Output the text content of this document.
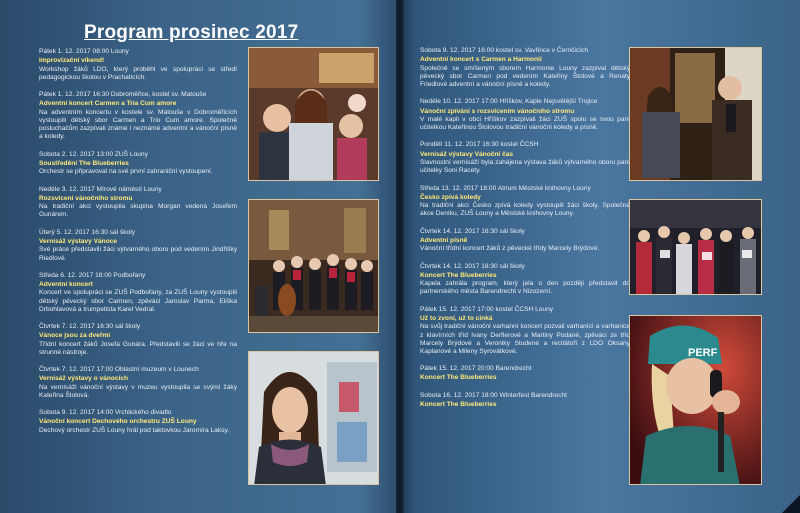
Program prosinec 2017
Pátek 1. 12. 2017 08:00 Louny
Improvizační víkend!
Workshop žáků LDO, který proběhl ve spolupráci se středí pedagogickou školou v Prachaticích.
Pátek 1. 12. 2017 16:30 Dobroměřice, kostel sv. Matouše
Adventní koncert Carmen a Tria Cum amore
Na adventním koncertu v kostele sv. Matouše v Dobroměřicích vystoupili dětský sbor Carmen a Trio Cum amore. Společně posluchačům zazpívali známé i neznámé adventní a vánoční písně a koledy.
Sobota 2. 12. 2017 13:00 ZUŠ Louny
Soustředění The Blueberries
Orchestr se připravoval na své první zahraniční vystoupení.
Neděle 3. 12. 2017 Mírové náměstí Louny
Rozsvícení vánočního stromu
Na tradiční akci vystoupila skupina Morgan vedená Josefem Gunárem.
Úterý 5. 12. 2017 16:30 sál školy
Vernisáž výstavy Vánoce
Své práce představili žáci výtvarného oboru pod vedením Jindřišky Riedlové.
Středa 6. 12. 2017 18:00 Podbořany
Adventní koncert
Koncert ve spolupráci se ZUŠ Podbořany, za ZUŠ Louny vystoupili dětský pěvecký sbor Carmen, zpěváci Jaroslav Parma, Eliška Drbohlavová a trumpetista Karel Vedral.
Čtvrtek 7. 12. 2017 16:30 sál školy
Vánoce jsou za dveřmi
Třídní koncert žáků Josefa Gunára. Představili se žáci ve hře na strunné nástroje.
Čtvrtek 7. 12. 2017 17:00 Oblastní muzeum v Lounech
Vernisáž výstavy o vánocích
Na vernisáži vánoční výstavy v muzeu vystoupila se svými žáky Kateřina Štolová.
Sobota 9. 12. 2017 14:00 Vrchlického divadlo
Vánoční koncert Dechového orchestru ZUŠ Louny
Dechový orchestr ZUŠ Louny hrál pod taktovkou Jaromíra Laksy.
Sobota 9. 12. 2017 16:00 kostel sv. Vavřince v Černčicích
Adventní koncert s Carmen a Harmonií
Společně se smíšeným sborem Harmonie Louny zazpíval dětský pěvecký sbor Carmen pod vedením Kateřiny Štolové a Renaty Friedlové adventní a vánoční písně a koledy.
Neděle 10. 12. 2017 17:00 Hříškov, Kaple Nejsvětější Trojice
Vánoční zpívání s rozsvícením vánočního stromu
V malé kapli v obci Hříškov zazpívali žáci ZUŠ spolu se svou paní učitelkou Kateřinou Štolovou tradiční vánoční koledy a písně.
Pondělí 11. 12. 2017 16:30 kostel ČCSH
Vernisáž výstavy Vánoční čas
Slavnostní vernisáží byla zahájena výstava žáků výtvarného oboru paní učitelky Soni Racety.
Středa 13. 12. 2017 18:00 Atrium Městské knihovny Louny
Česko zpívá koledy
Na tradiční akci Česko zpívá koledy vystoupili žáci školy. Společná akce Deníku, ZUŠ Louny a Městské knihovny Louny.
Čtvrtek 14. 12. 2017 16:30 sál školy
Adventní písně
Vánoční třídní koncert žáků z pěvecké třídy Marcely Brýdové.
Čtvrtek 14. 12. 2017 18:30 sál školy
Koncert The Blueberries
Kapela zahrála program, který jela o den později představit do partnerského města Barendrecht v Nizozemí.
Pátek 15. 12. 2017 17:00 kostel ČCSH Louny
Už to zvoní, už to cinká
Na svůj tradiční vánoční varhanní koncert pozvali varhanící a varhanice z klavírních tříd Ivany Derflerové a Martiny Podané, zpěváci ze tříd Marcely Brýdové a Veroniky Studené a recitátoři z LDO Oksany Kaplanové a Mileny Syrovátkové.
Pátek 15. 12. 2017 20:00 Barendrecht
Koncert The Blueberries
Sobota 16. 12. 2017 18:00 Winterfest Barendrecht
Koncert The Blueberries
PERF
